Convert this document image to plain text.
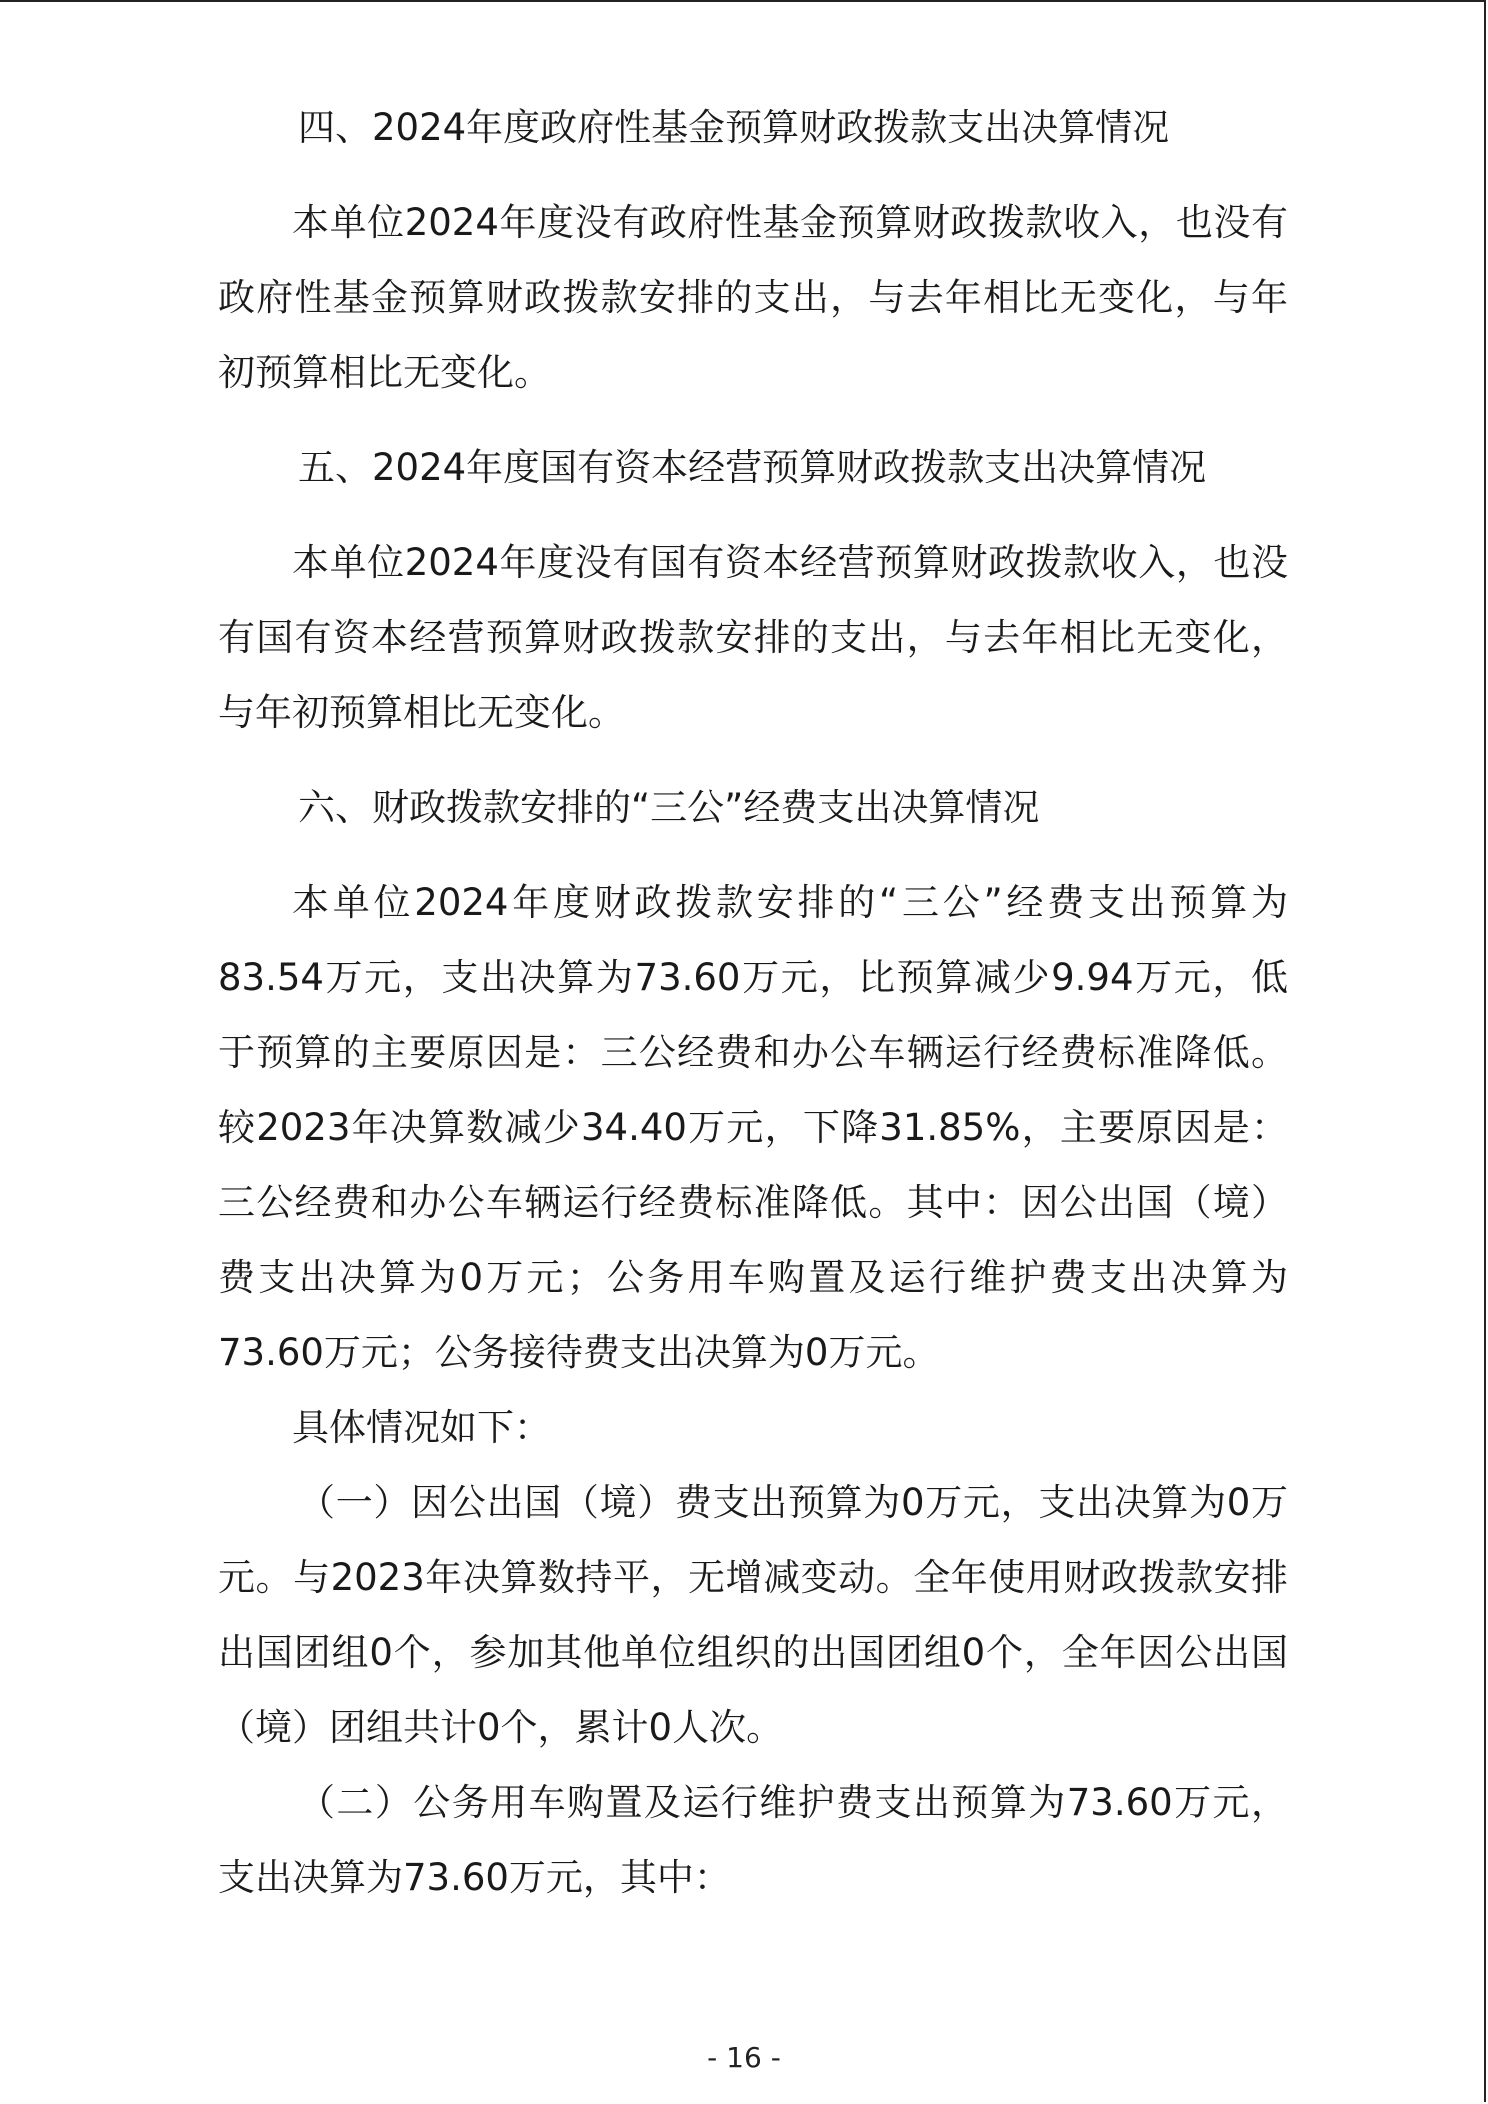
四、2024年度政府性基金预算财政拨款支出决算情况
本单位2024年度没有政府性基金预算财政拨款收入，也没有政府性基金预算财政拨款安排的支出，与去年相比无变化，与年初预算相比无变化。
五、2024年度国有资本经营预算财政拨款支出决算情况
本单位2024年度没有国有资本经营预算财政拨款收入，也没有国有资本经营预算财政拨款安排的支出，与去年相比无变化，与年初预算相比无变化。
六、财政拨款安排的“三公”经费支出决算情况
本单位2024年度财政拨款安排的“三公”经费支出预算为83.54万元，支出决算为73.60万元，比预算减少9.94万元，低于预算的主要原因是：三公经费和办公车辆运行经费标准降低。较2023年决算数减少34.40万元，下降31.85%，主要原因是：三公经费和办公车辆运行经费标准降低。其中：因公出国（境）费支出决算为0万元；公务用车购置及运行维护费支出决算为73.60万元；公务接待费支出决算为0万元。
具体情况如下：
（一）因公出国（境）费支出预算为0万元，支出决算为0万元。与2023年决算数持平，无增减变动。全年使用财政拨款安排出国团组0个，参加其他单位组织的出国团组0个，全年因公出国（境）团组共计0个，累计0人次。
（二）公务用车购置及运行维护费支出预算为73.60万元，支出决算为73.60万元，其中：
- 16 -
